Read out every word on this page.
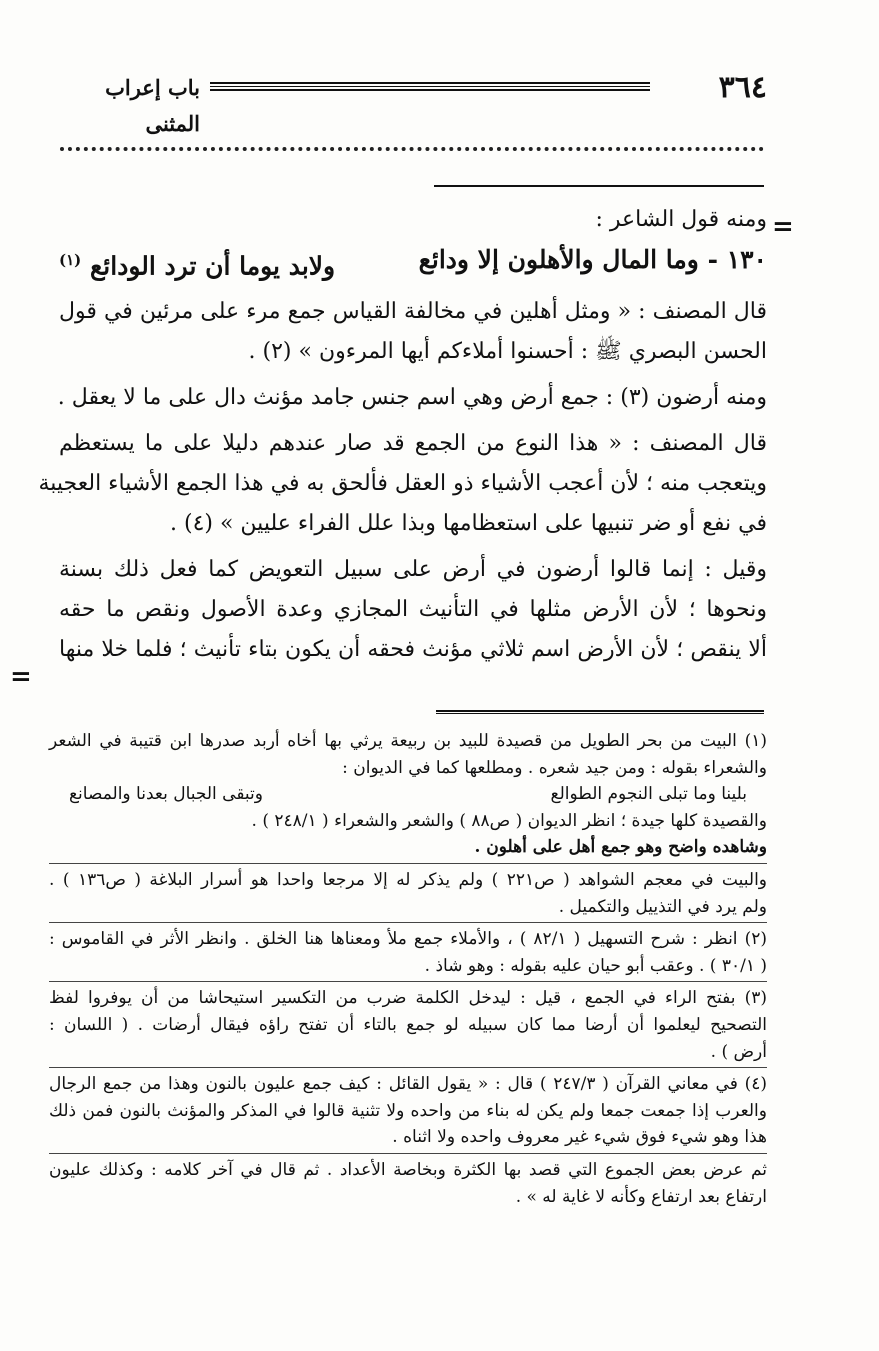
٣٦٤
باب إعراب المثنى
=
=
ومنه قول الشاعر :
١٣٠ - وما المال والأهلون إلا ودائع
ولابد يوما أن ترد الودائع $^{(١)}$
قال المصنف : « ومثل أهلين في مخالفة القياس جمع مرء على مرئين في قول
الحسن البصري ﷺ : أحسنوا أملاءكم أيها المرءون » (٢) .
ومنه أرضون (٣) : جمع أرض وهي اسم جنس جامد مؤنث دال على ما لا يعقل .
قال المصنف : « هذا النوع من الجمع قد صار عندهم دليلا على ما يستعظم
ويتعجب منه ؛ لأن أعجب الأشياء ذو العقل فألحق به في هذا الجمع الأشياء العجيبة
في نفع أو ضر تنبيها على استعظامها وبذا علل الفراء عليين » (٤) .
وقيل : إنما قالوا أرضون في أرض على سبيل التعويض كما فعل ذلك بسنة
ونحوها ؛ لأن الأرض مثلها في التأنيث المجازي وعدة الأصول ونقص ما حقه
ألا ينقص ؛ لأن الأرض اسم ثلاثي مؤنث فحقه أن يكون بتاء تأنيث ؛ فلما خلا منها
(١) البيت من بحر الطويل من قصيدة للبيد بن ربيعة يرثي بها أخاه أربد صدرها ابن قتيبة في الشعر
والشعراء بقوله : ومن جيد شعره . ومطلعها كما في الديوان :
بلينا وما تبلى النجوم الطوالع
وتبقى الجبال بعدنا والمصانع
والقصيدة كلها جيدة ؛ انظر الديوان ( ص٨٨ ) والشعر والشعراء ( ٢٤٨/١ ) .
وشاهده واضح وهو جمع أهل على أهلون .
والبيت في معجم الشواهد ( ص٢٢١ ) ولم يذكر له إلا مرجعا واحدا هو أسرار البلاغة ( ص١٣٦ ) .
ولم يرد في التذييل والتكميل .
(٢) انظر : شرح التسهيل ( ٨٢/١ ) ، والأملاء جمع ملأ ومعناها هنا الخلق . وانظر الأثر في القاموس :
( ٣٠/١ ) . وعقب أبو حيان عليه بقوله : وهو شاذ .
(٣) بفتح الراء في الجمع ، قيل : ليدخل الكلمة ضرب من التكسير استيحاشا من أن يوفروا لفظ
التصحيح ليعلموا أن أرضا مما كان سبيله لو جمع بالتاء أن تفتح راؤه فيقال أرضات . ( اللسان :
أرض ) .
(٤) في معاني القرآن ( ٢٤٧/٣ ) قال : « يقول القائل : كيف جمع عليون بالنون وهذا من جمع الرجال
والعرب إذا جمعت جمعا ولم يكن له بناء من واحده ولا تثنية قالوا في المذكر والمؤنث بالنون فمن ذلك
هذا وهو شيء فوق شيء غير معروف واحده ولا اثناه .
ثم عرض بعض الجموع التي قصد بها الكثرة وبخاصة الأعداد . ثم قال في آخر كلامه : وكذلك عليون
ارتفاع بعد ارتفاع وكأنه لا غاية له » .
